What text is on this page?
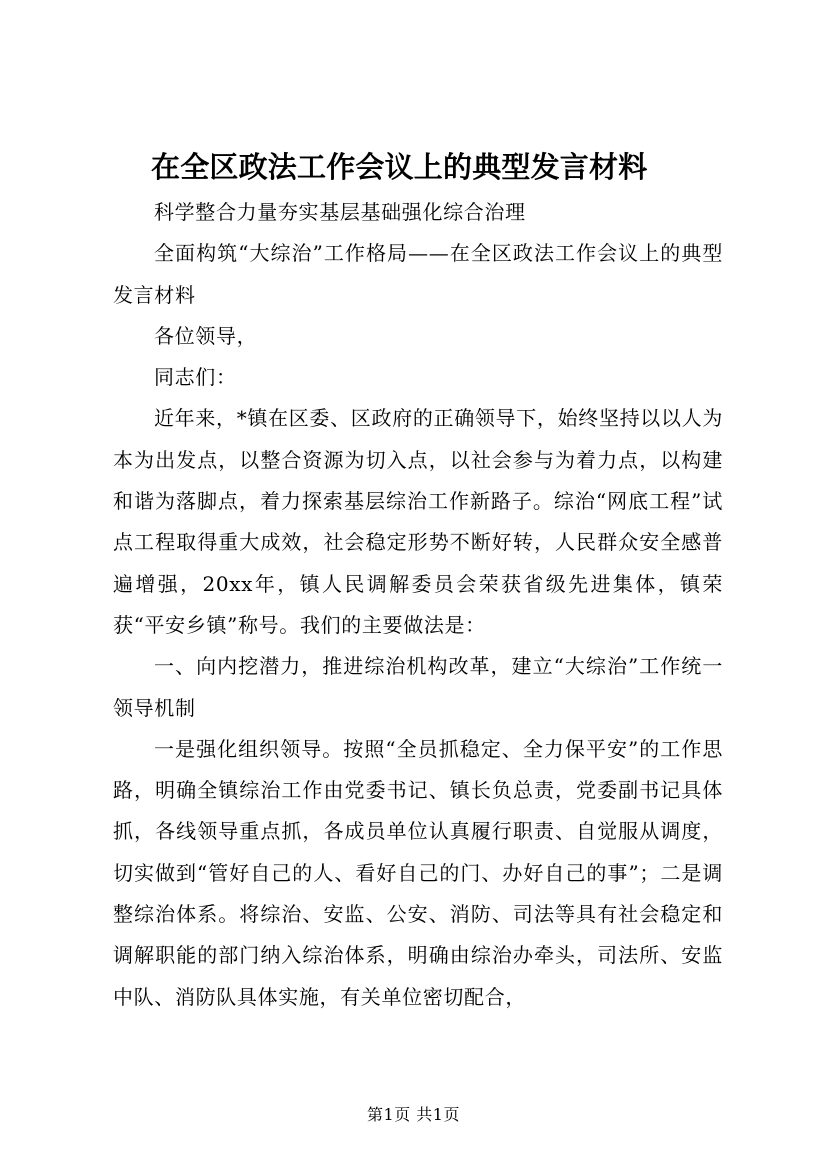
在全区政法工作会议上的典型发言材料

科学整合力量夯实基层基础强化综合治理

全面构筑“大综治”工作格局——在全区政法工作会议上的典型发言材料

各位领导，

同志们：

近年来，*镇在区委、区政府的正确领导下，始终坚持以以人为本为出发点，以整合资源为切入点，以社会参与为着力点，以构建和谐为落脚点，着力探索基层综治工作新路子。综治“网底工程”试点工程取得重大成效，社会稳定形势不断好转，人民群众安全感普遍增强，20xx年，镇人民调解委员会荣获省级先进集体，镇荣获“平安乡镇”称号。我们的主要做法是：

一、向内挖潜力，推进综治机构改革，建立“大综治”工作统一领导机制

一是强化组织领导。按照“全员抓稳定、全力保平安”的工作思路，明确全镇综治工作由党委书记、镇长负总责，党委副书记具体抓，各线领导重点抓，各成员单位认真履行职责、自觉服从调度，切实做到“管好自己的人、看好自己的门、办好自己的事”；二是调整综治体系。将综治、安监、公安、消防、司法等具有社会稳定和调解职能的部门纳入综治体系，明确由综治办牵头，司法所、安监中队、消防队具体实施，有关单位密切配合，

第1页 共1页
